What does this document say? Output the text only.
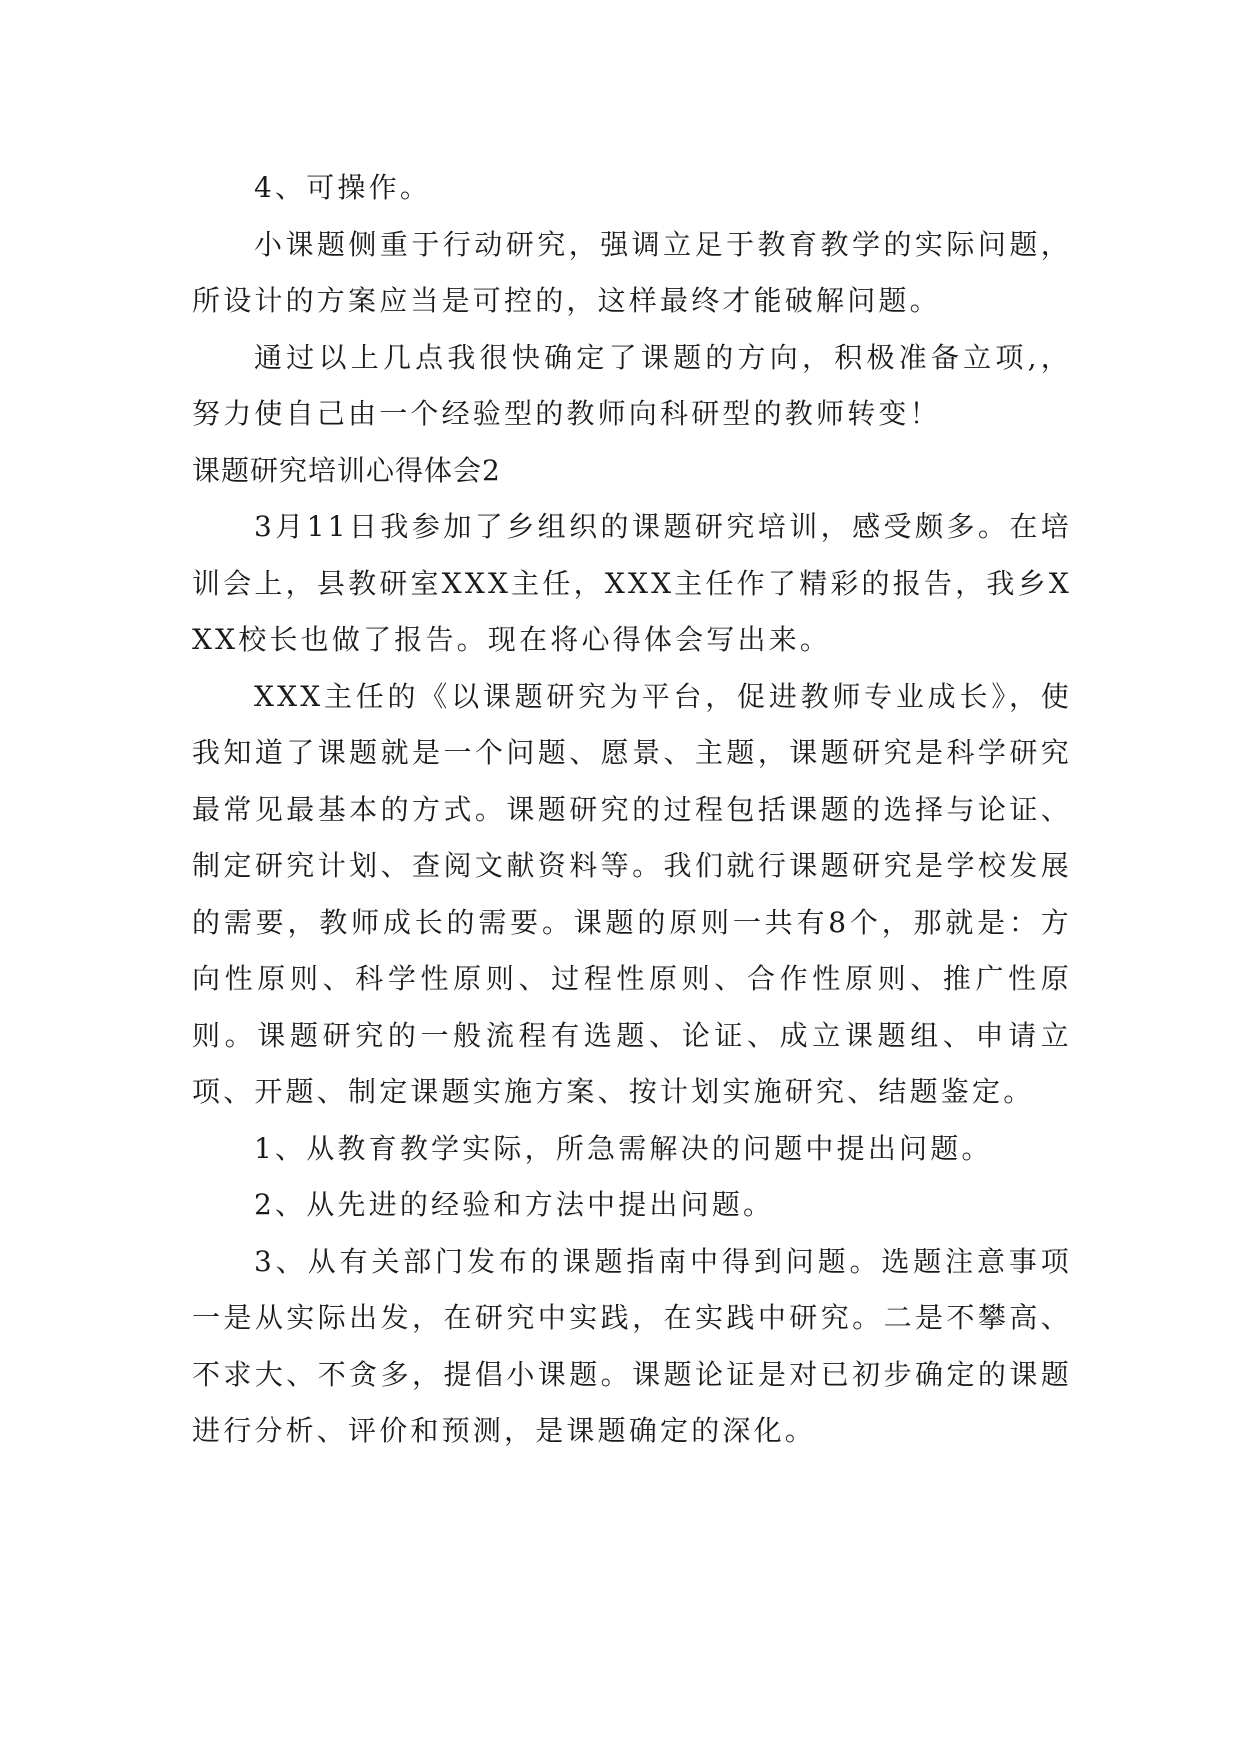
4、可操作。

小课题侧重于行动研究，强调立足于教育教学的实际问题，所设计的方案应当是可控的，这样最终才能破解问题。

通过以上几点我很快确定了课题的方向，积极准备立项,，努力使自己由一个经验型的教师向科研型的教师转变！

课题研究培训心得体会2

3月11日我参加了乡组织的课题研究培训，感受颇多。在培训会上，县教研室XXX主任，XXX主任作了精彩的报告，我乡XXX校长也做了报告。现在将心得体会写出来。

XXX主任的《以课题研究为平台，促进教师专业成长》，使我知道了课题就是一个问题、愿景、主题，课题研究是科学研究最常见最基本的方式。课题研究的过程包括课题的选择与论证、制定研究计划、查阅文献资料等。我们就行课题研究是学校发展的需要，教师成长的需要。课题的原则一共有8个，那就是：方向性原则、科学性原则、过程性原则、合作性原则、推广性原则。课题研究的一般流程有选题、论证、成立课题组、申请立项、开题、制定课题实施方案、按计划实施研究、结题鉴定。

1、从教育教学实际，所急需解决的问题中提出问题。

2、从先进的经验和方法中提出问题。

3、从有关部门发布的课题指南中得到问题。选题注意事项一是从实际出发，在研究中实践，在实践中研究。二是不攀高、不求大、不贪多，提倡小课题。课题论证是对已初步确定的课题进行分析、评价和预测，是课题确定的深化。
